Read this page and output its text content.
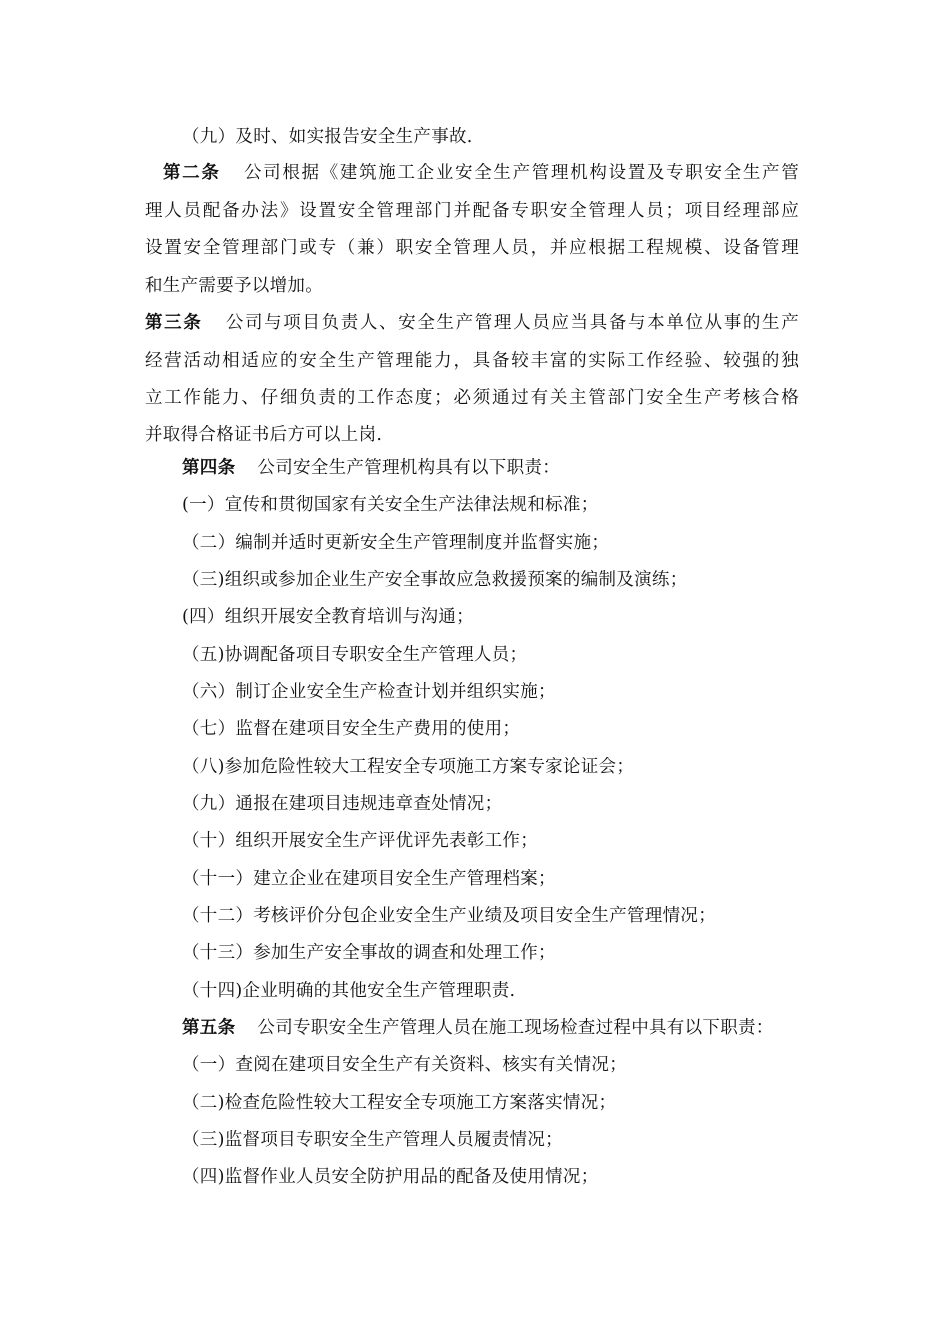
（九）及时、如实报告安全生产事故.
第二条 公司根据《建筑施工企业安全生产管理机构设置及专职安全生产管
理人员配备办法》设置安全管理部门并配备专职安全管理人员；项目经理部应
设置安全管理部门或专（兼）职安全管理人员，并应根据工程规模、设备管理
和生产需要予以增加。
第三条 公司与项目负责人、安全生产管理人员应当具备与本单位从事的生产
经营活动相适应的安全生产管理能力，具备较丰富的实际工作经验、较强的独
立工作能力、仔细负责的工作态度；必须通过有关主管部门安全生产考核合格
并取得合格证书后方可以上岗.
第四条 公司安全生产管理机构具有以下职责：
(一）宣传和贯彻国家有关安全生产法律法规和标准；
（二）编制并适时更新安全生产管理制度并监督实施；
（三)组织或参加企业生产安全事故应急救援预案的编制及演练；
(四）组织开展安全教育培训与沟通；
（五)协调配备项目专职安全生产管理人员；
（六）制订企业安全生产检查计划并组织实施；
（七）监督在建项目安全生产费用的使用；
（八)参加危险性较大工程安全专项施工方案专家论证会；
（九）通报在建项目违规违章查处情况；
（十）组织开展安全生产评优评先表彰工作；
（十一）建立企业在建项目安全生产管理档案；
（十二）考核评价分包企业安全生产业绩及项目安全生产管理情况；
（十三）参加生产安全事故的调查和处理工作；
（十四)企业明确的其他安全生产管理职责.
第五条 公司专职安全生产管理人员在施工现场检查过程中具有以下职责：
（一）查阅在建项目安全生产有关资料、核实有关情况；
（二)检查危险性较大工程安全专项施工方案落实情况；
（三)监督项目专职安全生产管理人员履责情况；
（四)监督作业人员安全防护用品的配备及使用情况；
